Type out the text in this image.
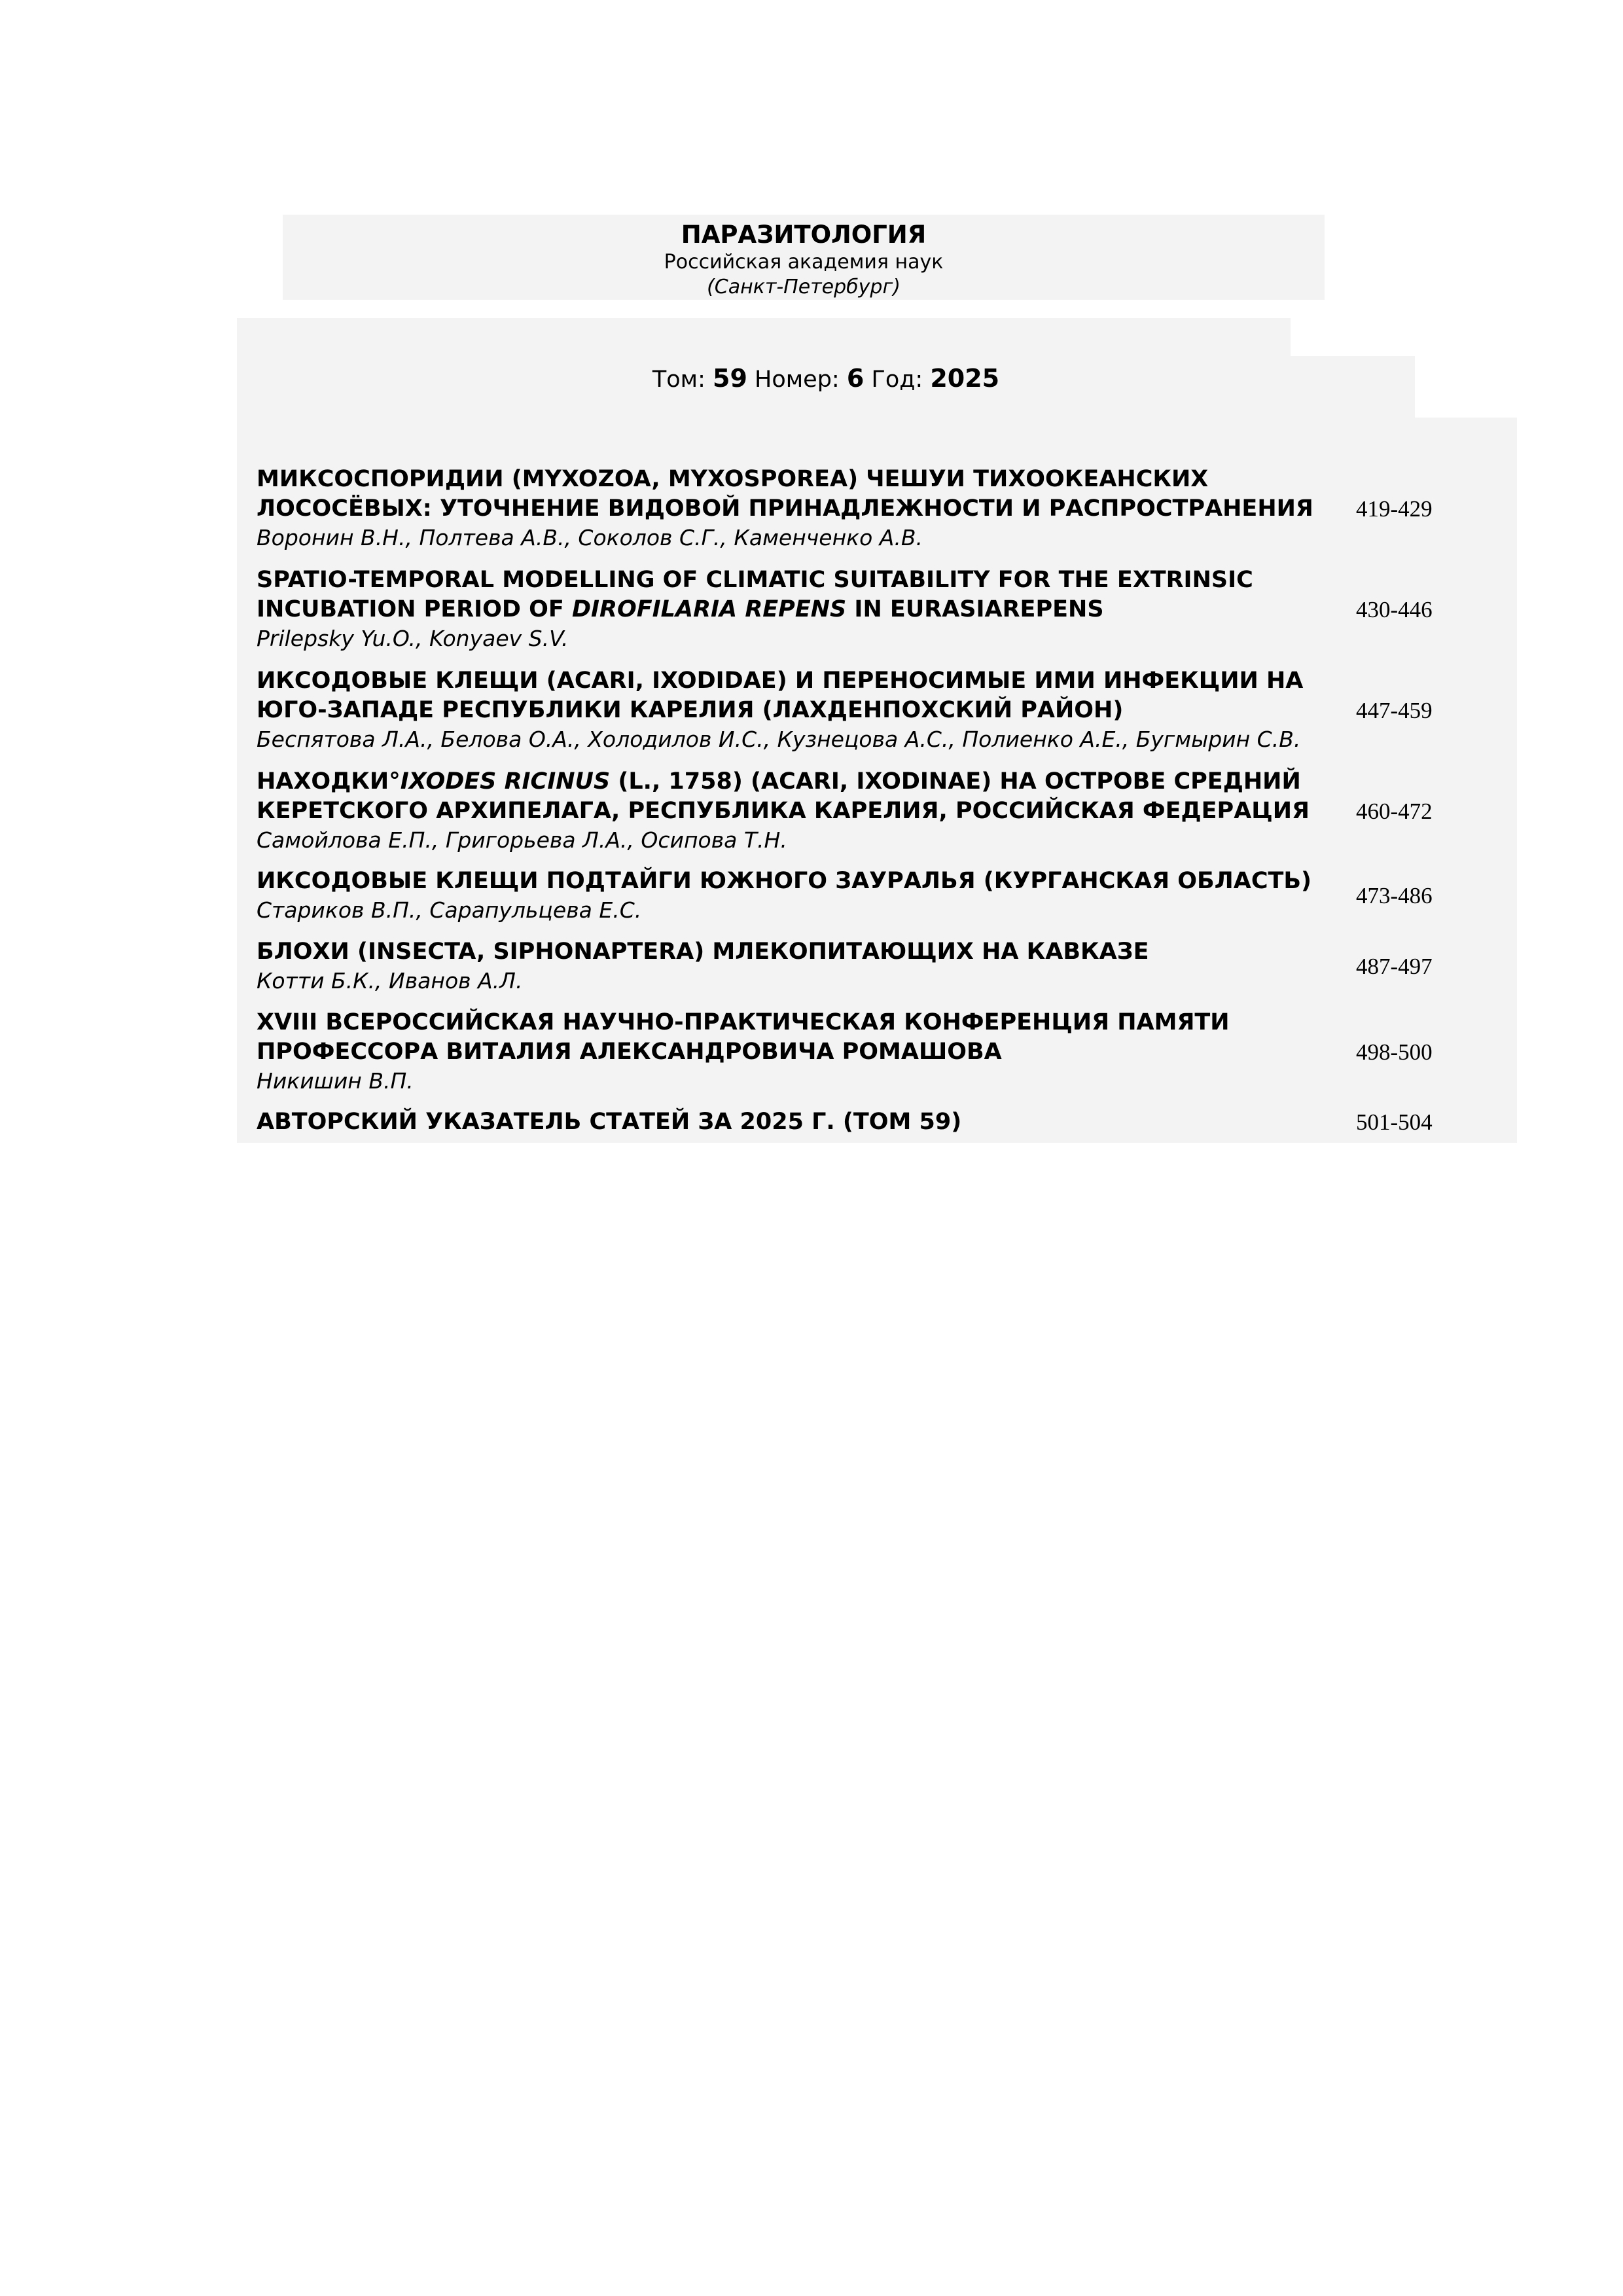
ПАРАЗИТОЛОГИЯ
Российская академия наук
(Санкт-Петербург)
Том: 59 Номер: 6 Год: 2025
МИКСОСПОРИДИИ (MYXOZOA, MYXOSPOREA) ЧЕШУИ ТИХООКЕАНСКИХ
ЛОСОСЁВЫХ: УТОЧНЕНИЕ ВИДОВОЙ ПРИНАДЛЕЖНОСТИ И РАСПРОСТРАНЕНИЯ
Воронин В.Н., Полтева А.В., Соколов С.Г., Каменченко А.В.
419-429
SPATIO-TEMPORAL MODELLING OF CLIMATIC SUITABILITY FOR THE EXTRINSIC
INCUBATION PERIOD OF DIROFILARIA REPENS IN EURASIAREPENS
Prilepsky Yu.O., Konyaev S.V.
430-446
ИКСОДОВЫЕ КЛЕЩИ (ACARI, IXODIDAE) И ПЕРЕНОСИМЫЕ ИМИ ИНФЕКЦИИ НА
ЮГО-ЗАПАДЕ РЕСПУБЛИКИ КАРЕЛИЯ (ЛАХДЕНПОХСКИЙ РАЙОН)
Беспятова Л.А., Белова О.А., Холодилов И.С., Кузнецова А.С., Полиенко А.Е., Бугмырин С.В.
447-459
НАХОДКИ°IXODES RICINUS (L., 1758) (ACARI, IXODINAE) НА ОСТРОВЕ СРЕДНИЙ
КЕРЕТСКОГО АРХИПЕЛАГА, РЕСПУБЛИКА КАРЕЛИЯ, РОССИЙСКАЯ ФЕДЕРАЦИЯ
Самойлова Е.П., Григорьева Л.А., Осипова Т.Н.
460-472
ИКСОДОВЫЕ КЛЕЩИ ПОДТАЙГИ ЮЖНОГО ЗАУРАЛЬЯ (КУРГАНСКАЯ ОБЛАСТЬ)
Стариков В.П., Сарапульцева Е.С.
473-486
БЛОХИ (INSECTA, SIPHONAPTERA) МЛЕКОПИТАЮЩИХ НА КАВКАЗЕ
Котти Б.К., Иванов А.Л.
487-497
XVIII ВСЕРОССИЙСКАЯ НАУЧНО-ПРАКТИЧЕСКАЯ КОНФЕРЕНЦИЯ ПАМЯТИ
ПРОФЕССОРА ВИТАЛИЯ АЛЕКСАНДРОВИЧА РОМАШОВА
Никишин В.П.
498-500
АВТОРСКИЙ УКАЗАТЕЛЬ СТАТЕЙ ЗА 2025 Г. (ТОМ 59)	501-504
